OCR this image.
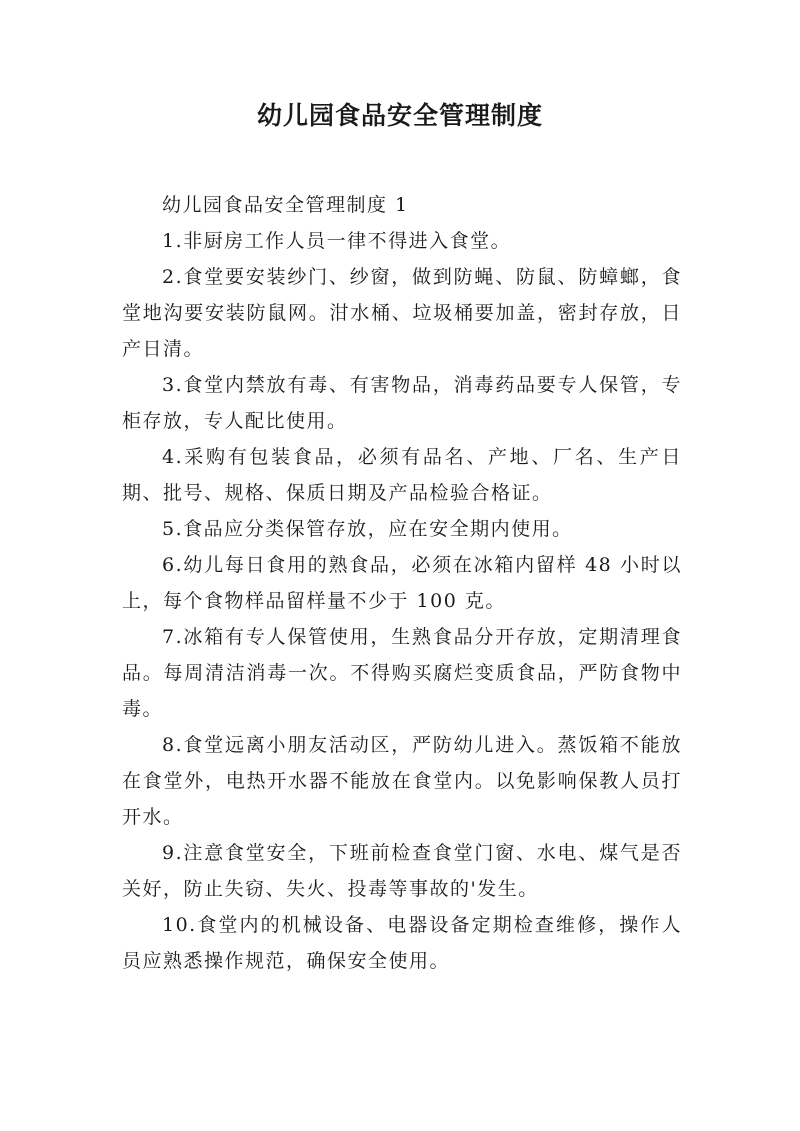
幼儿园食品安全管理制度

幼儿园食品安全管理制度 1

1.非厨房工作人员一律不得进入食堂。

2.食堂要安装纱门、纱窗，做到防蝇、防鼠、防蟑螂，食堂地沟要安装防鼠网。泔水桶、垃圾桶要加盖，密封存放，日产日清。

3.食堂内禁放有毒、有害物品，消毒药品要专人保管，专柜存放，专人配比使用。

4.采购有包装食品，必须有品名、产地、厂名、生产日期、批号、规格、保质日期及产品检验合格证。

5.食品应分类保管存放，应在安全期内使用。

6.幼儿每日食用的熟食品，必须在冰箱内留样 48 小时以上，每个食物样品留样量不少于 100 克。

7.冰箱有专人保管使用，生熟食品分开存放，定期清理食品。每周清洁消毒一次。不得购买腐烂变质食品，严防食物中毒。

8.食堂远离小朋友活动区，严防幼儿进入。蒸饭箱不能放在食堂外，电热开水器不能放在食堂内。以免影响保教人员打开水。

9.注意食堂安全，下班前检查食堂门窗、水电、煤气是否关好，防止失窃、失火、投毒等事故的'发生。

10.食堂内的机械设备、电器设备定期检查维修，操作人员应熟悉操作规范，确保安全使用。
